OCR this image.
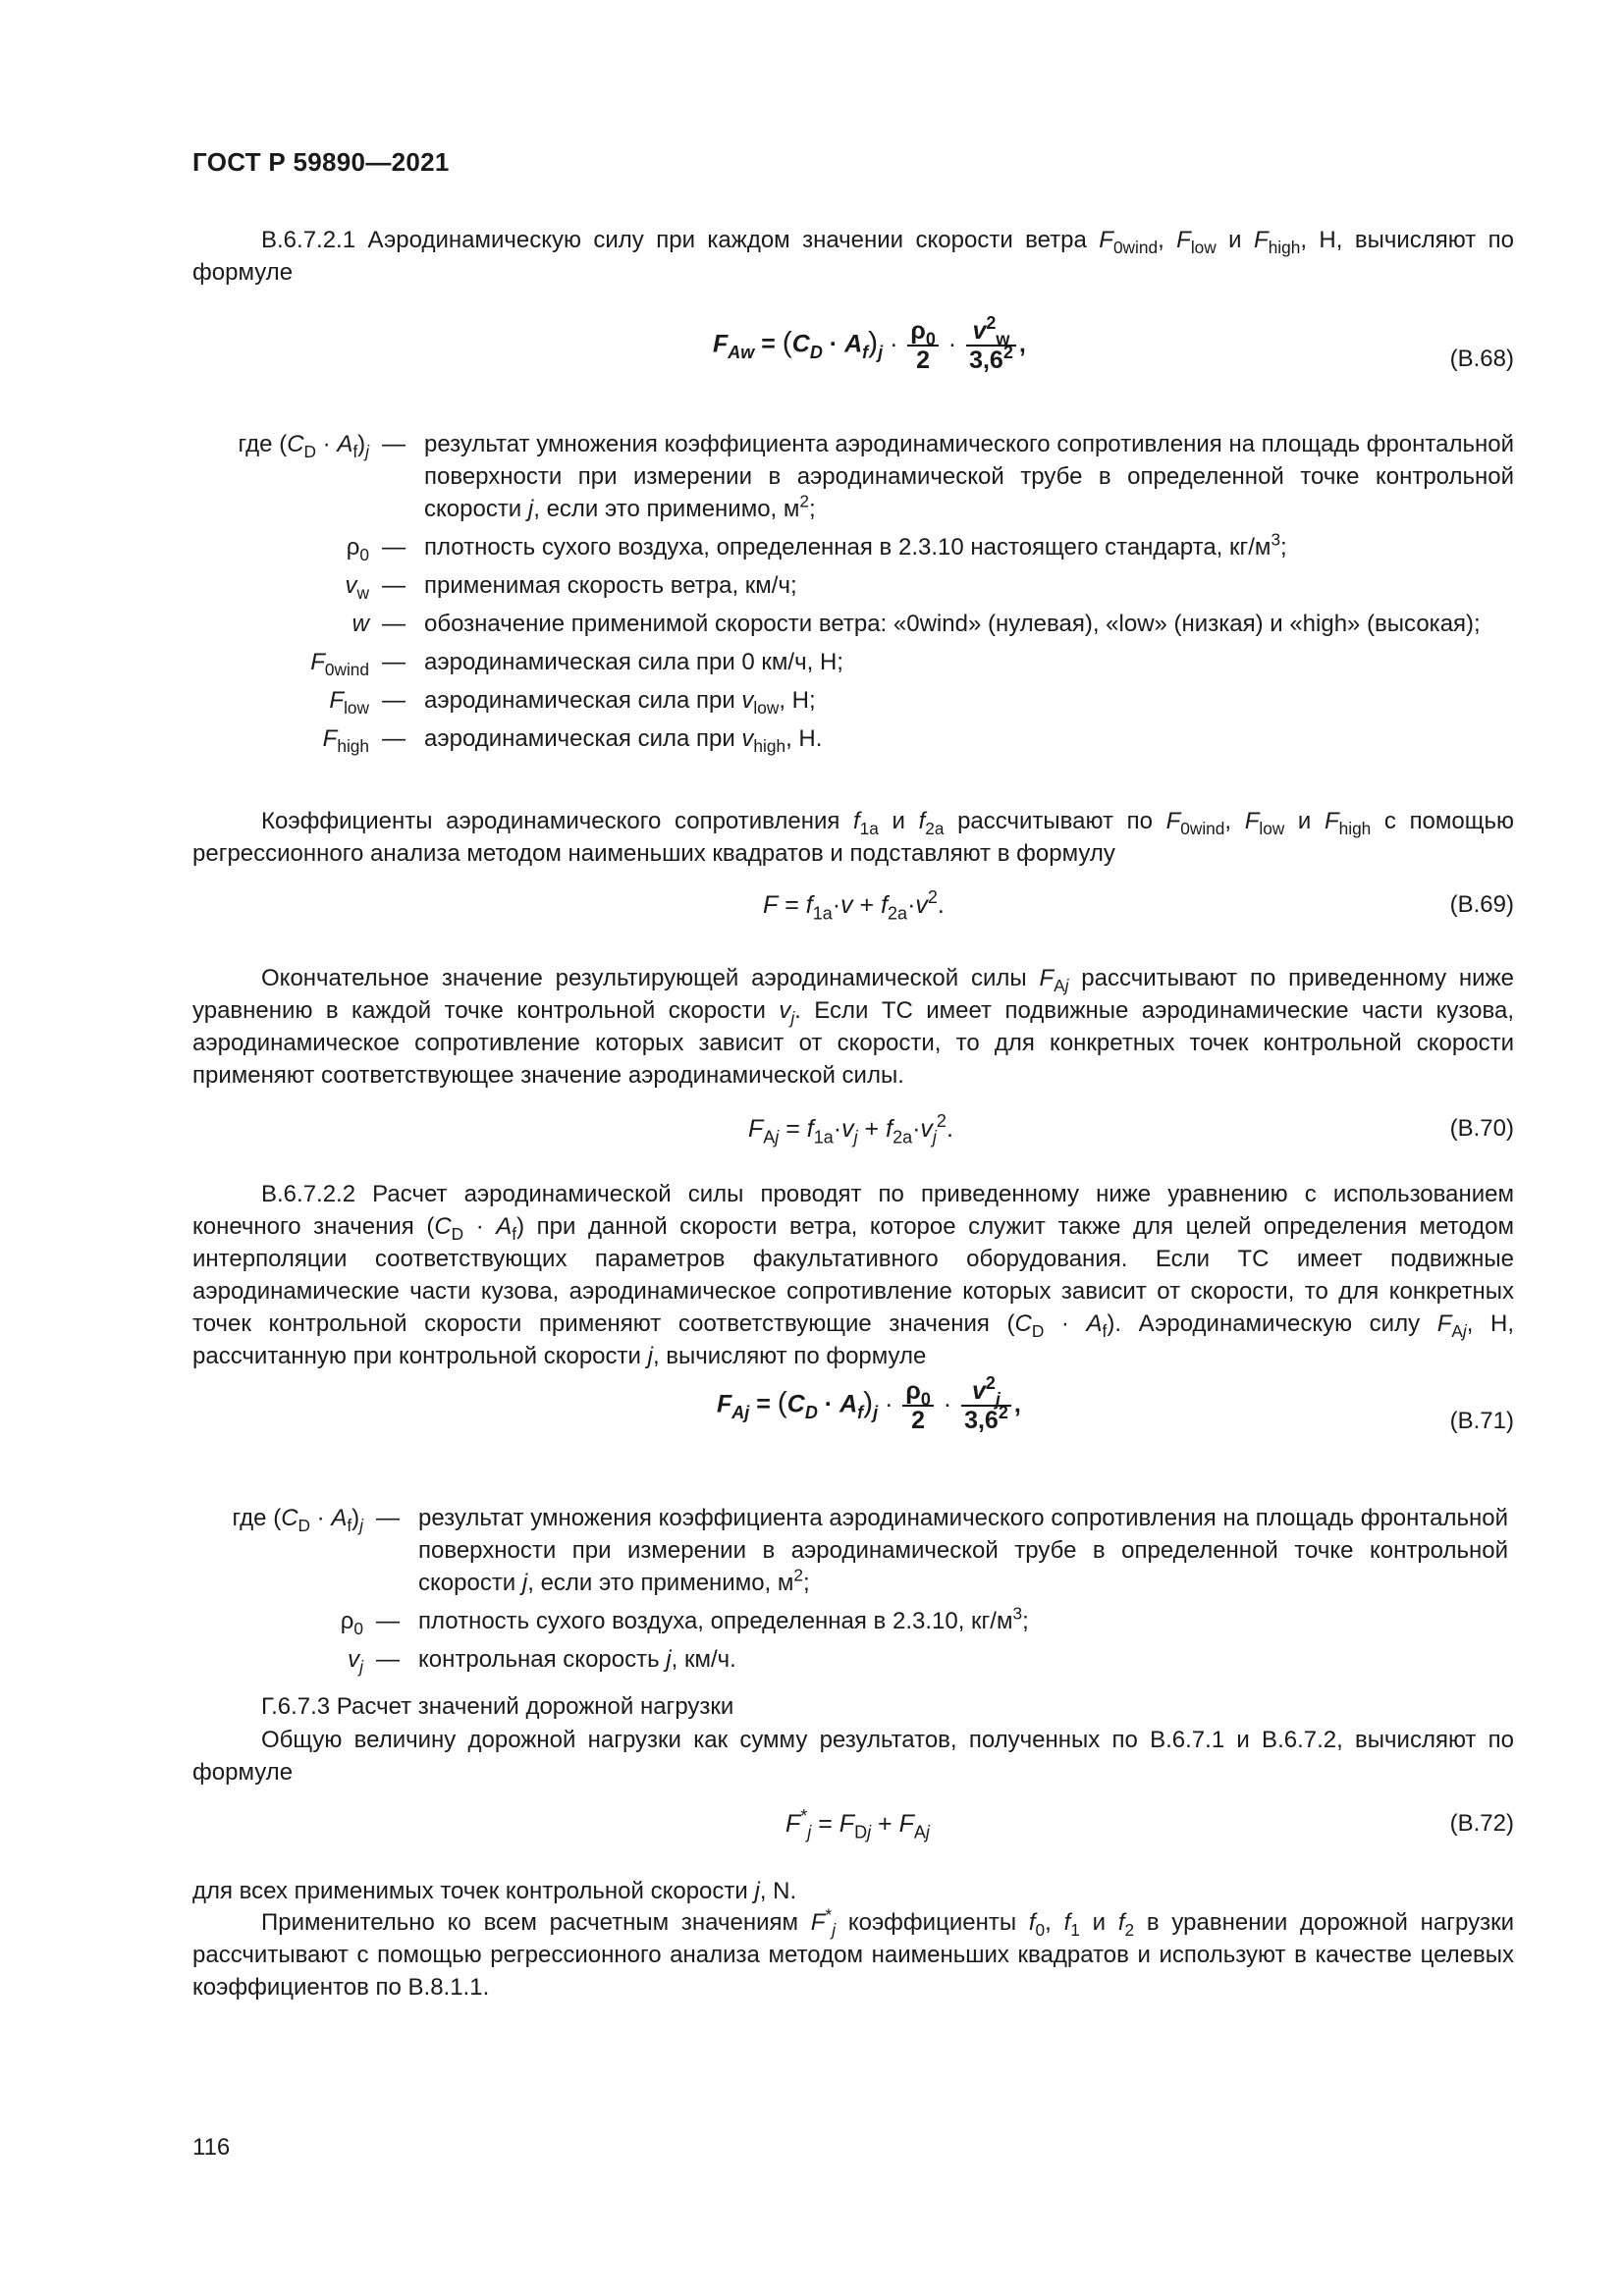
ГОСТ Р 59890—2021
В.6.7.2.1 Аэродинамическую силу при каждом значении скорости ветра $F_{0wind}$, $F_{low}$ и $F_{high}$, Н, вычисляют по формуле
$F_{Aw} = (C_D \cdot A_f)_j \cdot \frac{\rho_0}{2} \cdot \frac{v^2_w}{3,6^2}$ ,
(В.68)
где $(C_D \cdot A_f)_j$ — результат умножения коэффициента аэродинамического сопротивления на площадь фронтальной поверхности при измерении в аэродинамической трубе в определенной точке контрольной скорости j, если это применимо, $м^2$;
$\rho_0$ — плотность сухого воздуха, определенная в 2.3.10 настоящего стандарта, $кг/м^3$;
$v_w$ — применимая скорость ветра, км/ч;
w — обозначение применимой скорости ветра: «0wind» (нулевая), «low» (низкая) и «high» (высокая);
$F_{0wind}$ — аэродинамическая сила при 0 км/ч, Н;
$F_{low}$ — аэродинамическая сила при $v_{low}$, Н;
$F_{high}$ — аэродинамическая сила при $v_{high}$, Н.
Коэффициенты аэродинамического сопротивления $f_{1a}$ и $f_{2a}$ рассчитывают по $F_{0wind}$, $F_{low}$ и $F_{high}$ с помощью регрессионного анализа методом наименьших квадратов и подставляют в формулу
$F = f_{1a}\cdot v + f_{2a}\cdot v^2$.	(В.69)
Окончательное значение результирующей аэродинамической силы $F_{Aj}$ рассчитывают по приведенному ниже уравнению в каждой точке контрольной скорости $v_j$. Если ТС имеет подвижные аэродинамические части кузова, аэродинамическое сопротивление которых зависит от скорости, то для конкретных точек контрольной скорости применяют соответствующее значение аэродинамической силы.
$F_{Aj} = f_{1a}\cdot v_j + f_{2a}\cdot v_j^2$.	(В.70)
В.6.7.2.2 Расчет аэродинамической силы проводят по приведенному ниже уравнению с использованием конечного значения $(C_D \cdot A_f)$ при данной скорости ветра, которое служит также для целей определения методом интерполяции соответствующих параметров факультативного оборудования. Если ТС имеет подвижные аэродинамические части кузова, аэродинамическое сопротивление которых зависит от скорости, то для конкретных точек контрольной скорости применяют соответствующие значения $(C_D \cdot A_f)$. Аэродинамическую силу $F_{Aj}$, Н, рассчитанную при контрольной скорости j, вычисляют по формуле
$F_{Aj} = (C_D \cdot A_f)_j \cdot \frac{\rho_0}{2} \cdot \frac{v^2_j}{3,6^2}$ ,
(В.71)
где $(C_D \cdot A_f)_j$ — результат умножения коэффициента аэродинамического сопротивления на площадь фронтальной поверхности при измерении в аэродинамической трубе в определенной точке контрольной скорости j, если это применимо, $м^2$;
$\rho_0$ — плотность сухого воздуха, определенная в 2.3.10, $кг/м^3$;
$v_j$ — контрольная скорость j, км/ч.
Г.6.7.3 Расчет значений дорожной нагрузки
Общую величину дорожной нагрузки как сумму результатов, полученных по В.6.7.1 и В.6.7.2, вычисляют по формуле
$F^*_j = F_{Dj} + F_{Aj}$	(В.72)
для всех применимых точек контрольной скорости j, N.
Применительно ко всем расчетным значениям $F^*_j$ коэффициенты $f_0$, $f_1$ и $f_2$ в уравнении дорожной нагрузки рассчитывают с помощью регрессионного анализа методом наименьших квадратов и используют в качестве целевых коэффициентов по В.8.1.1.
116
